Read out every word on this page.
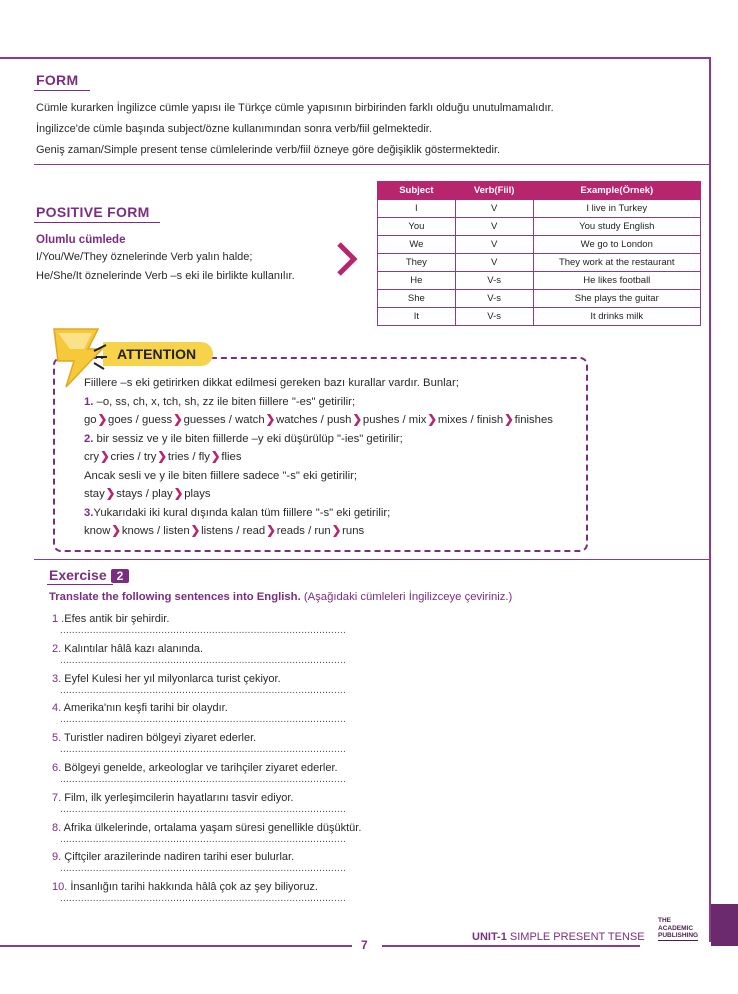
FORM
Cümle kurarken İngilizce cümle yapısı ile Türkçe cümle yapısının birbirinden farklı olduğu unutulmamalıdır.
İngilizce'de cümle başında subject/özne kullanımından sonra verb/fiil gelmektedir.
Geniş zaman/Simple present tense cümlelerinde verb/fiil özneye göre değişiklik göstermektedir.
POSITIVE FORM
Olumlu cümlede
I/You/We/They öznelerinde Verb yalın halde;
He/She/It öznelerinde Verb –s eki ile birlikte kullanılır.
Subject	Verb(Fiil)	Example(Örnek)
I	V	I live in Turkey
You	V	You study English
We	V	We go to London
They	V	They work at the restaurant
He	V-s	He likes football
She	V-s	She plays the guitar
It	V-s	It drinks milk
ATTENTION
Fiillere –s eki getirirken dikkat edilmesi gereken bazı kurallar vardır. Bunlar;
1. –o, ss, ch, x, tch, sh, zz ile biten fiillere "-es" getirilir;
go❯goes / guess❯guesses / watch❯watches / push❯pushes / mix❯mixes / finish❯finishes
2. bir sessiz ve y ile biten fiillerde –y eki düşürülüp "-ies" getirilir;
cry❯cries / try❯tries / fly❯flies
Ancak sesli ve y ile biten fiillere sadece "-s" eki getirilir;
stay❯stays / play❯plays
3.Yukarıdaki iki kural dışında kalan tüm fiillere "-s" eki getirilir;
know❯knows / listen❯listens / read❯reads / run❯runs
Exercise 2
Translate the following sentences into English. (Aşağıdaki cümleleri İngilizceye çeviriniz.)
1 .Efes antik bir şehirdir.
................................................................................................
2. Kalıntılar hâlâ kazı alanında.
................................................................................................
3. Eyfel Kulesi her yıl milyonlarca turist çekiyor.
................................................................................................
4. Amerika'nın keşfi tarihi bir olaydır.
................................................................................................
5. Turistler nadiren bölgeyi ziyaret ederler.
................................................................................................
6. Bölgeyi genelde, arkeologlar ve tarihçiler ziyaret ederler.
................................................................................................
7. Film, ilk yerleşimcilerin hayatlarını tasvir ediyor.
................................................................................................
8. Afrika ülkelerinde, ortalama yaşam süresi genellikle düşüktür.
................................................................................................
9. Çiftçiler arazilerinde nadiren tarihi eser bulurlar.
................................................................................................
10. İnsanlığın tarihi hakkında hâlâ çok az şey biliyoruz.
................................................................................................
7
UNIT-1 SIMPLE PRESENT TENSE
THE
ACADEMIC
PUBLISHING
